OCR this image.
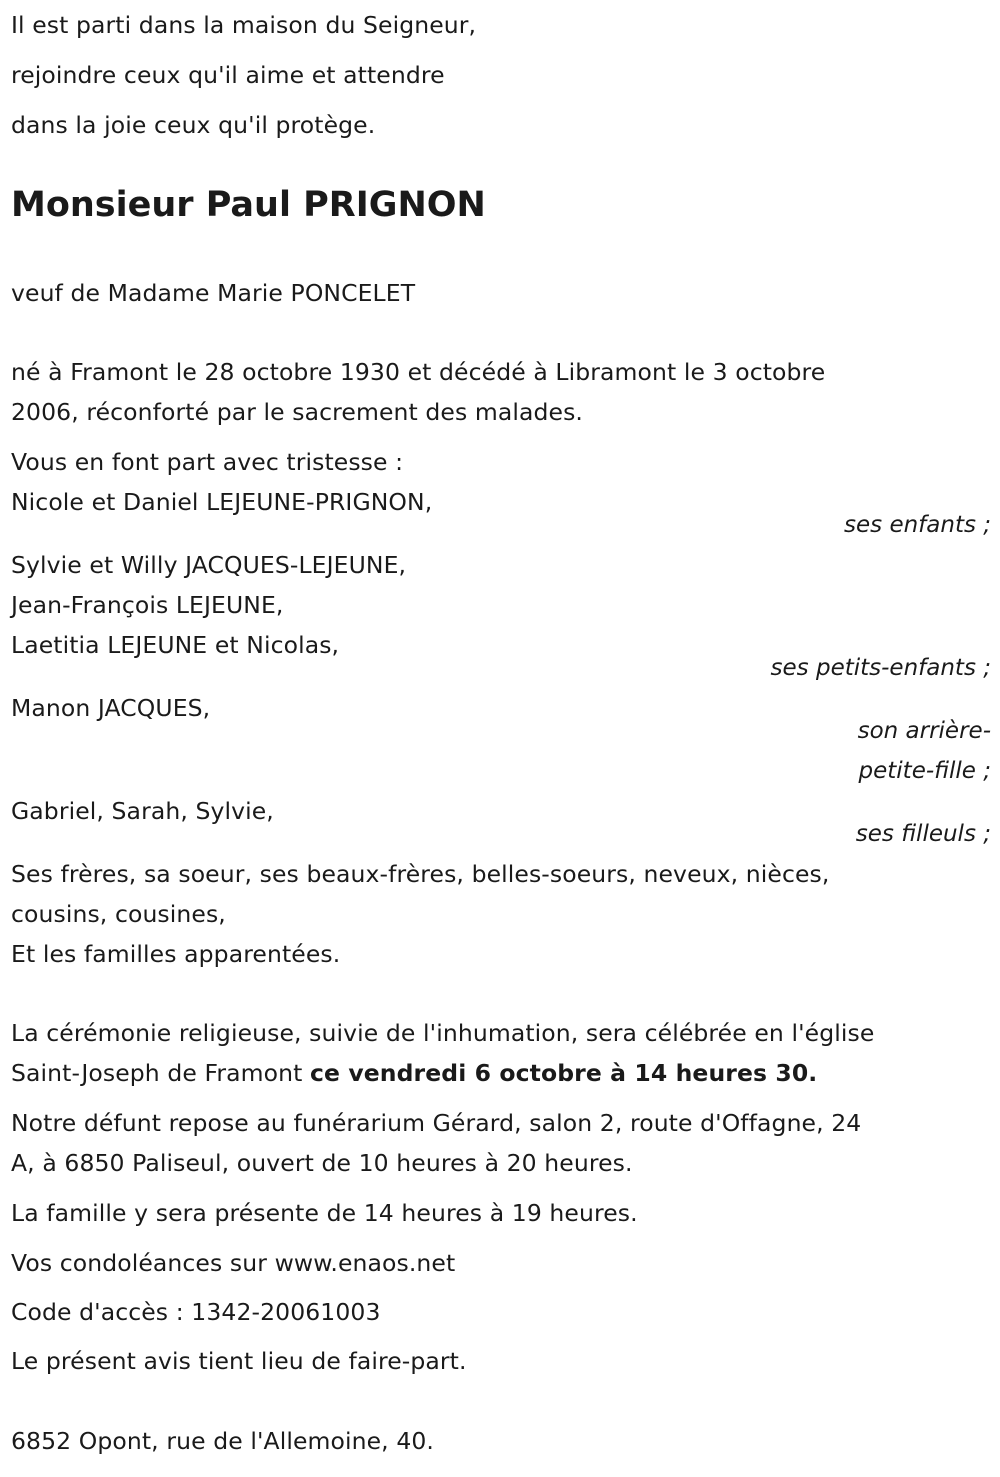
Il est parti dans la maison du Seigneur,
rejoindre ceux qu'il aime et attendre
dans la joie ceux qu'il protège.
Monsieur Paul PRIGNON
veuf de Madame Marie PONCELET
né à Framont le 28 octobre 1930 et décédé à Libramont le 3 octobre
2006, réconforté par le sacrement des malades.
Vous en font part avec tristesse :
Nicole et Daniel LEJEUNE-PRIGNON,
ses enfants ;
Sylvie et Willy JACQUES-LEJEUNE,
Jean-François LEJEUNE,
Laetitia LEJEUNE et Nicolas,
ses petits-enfants ;
Manon JACQUES,
son arrière-
petite-fille ;
Gabriel, Sarah, Sylvie,
ses filleuls ;
Ses frères, sa soeur, ses beaux-frères, belles-soeurs, neveux, nièces,
cousins, cousines,
Et les familles apparentées.
La cérémonie religieuse, suivie de l'inhumation, sera célébrée en l'église
Saint-Joseph de Framont ce vendredi 6 octobre à 14 heures 30.
Notre défunt repose au funérarium Gérard, salon 2, route d'Offagne, 24
A, à 6850 Paliseul, ouvert de 10 heures à 20 heures.
La famille y sera présente de 14 heures à 19 heures.
Vos condoléances sur www.enaos.net
Code d'accès : 1342-20061003
Le présent avis tient lieu de faire-part.
6852 Opont, rue de l'Allemoine, 40.
